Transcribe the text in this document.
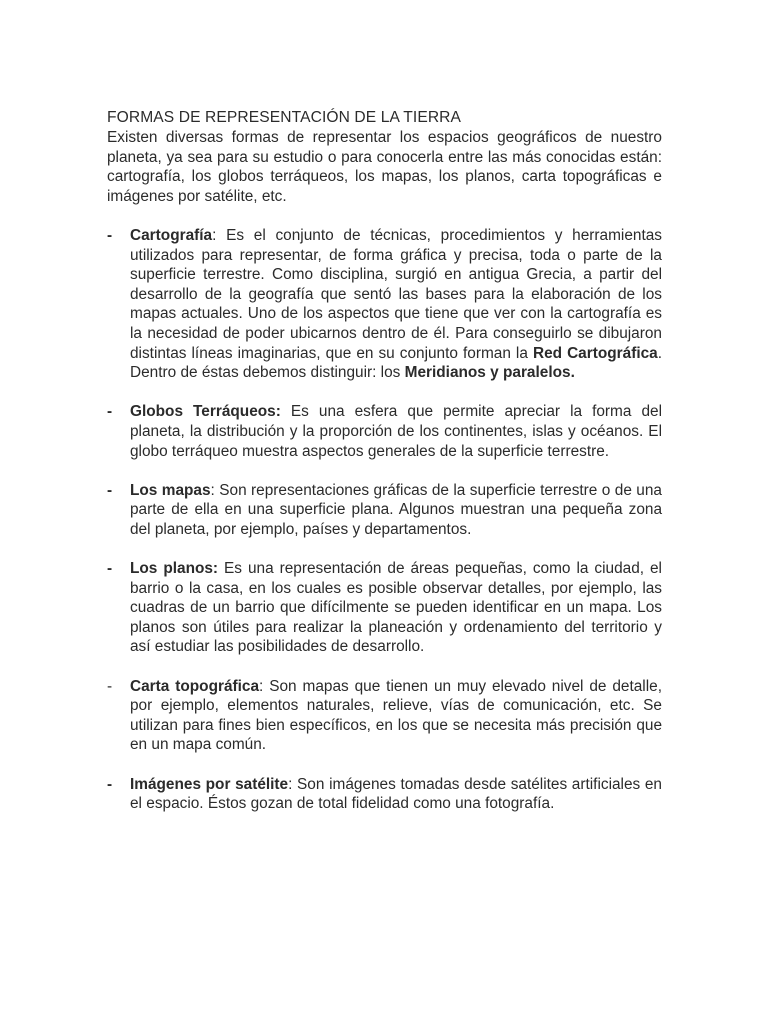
FORMAS DE REPRESENTACIÓN DE LA TIERRA

Existen diversas formas de representar los espacios geográficos de nuestro planeta, ya sea para su estudio o para conocerla entre las más conocidas están: cartografía, los globos terráqueos, los mapas, los planos, carta topográficas e imágenes por satélite, etc.

-	Cartografía: Es el conjunto de técnicas, procedimientos y herramientas utilizados para representar, de forma gráfica y precisa, toda o parte de la superficie terrestre. Como disciplina, surgió en antigua Grecia, a partir del desarrollo de la geografía que sentó las bases para la elaboración de los mapas actuales. Uno de los aspectos que tiene que ver con la cartografía es la necesidad de poder ubicarnos dentro de él. Para conseguirlo se dibujaron distintas líneas imaginarias, que en su conjunto forman la Red Cartográfica. Dentro de éstas debemos distinguir: los Meridianos y paralelos.
-	Globos Terráqueos: Es una esfera que permite apreciar la forma del planeta, la distribución y la proporción de los continentes, islas y océanos. El globo terráqueo muestra aspectos generales de la superficie terrestre.
-	Los mapas: Son representaciones gráficas de la superficie terrestre o de una parte de ella en una superficie plana. Algunos muestran una pequeña zona del planeta, por ejemplo, países y departamentos.
-	Los planos: Es una representación de áreas pequeñas, como la ciudad, el barrio o la casa, en los cuales es posible observar detalles, por ejemplo, las cuadras de un barrio que difícilmente se pueden identificar en un mapa. Los planos son útiles para realizar la planeación y ordenamiento del territorio y así estudiar las posibilidades de desarrollo.
-	Carta topográfica: Son mapas que tienen un muy elevado nivel de detalle, por ejemplo, elementos naturales, relieve, vías de comunicación, etc. Se utilizan para fines bien específicos, en los que se necesita más precisión que en un mapa común.
-	Imágenes por satélite: Son imágenes tomadas desde satélites artificiales en el espacio. Éstos gozan de total fidelidad como una fotografía.
